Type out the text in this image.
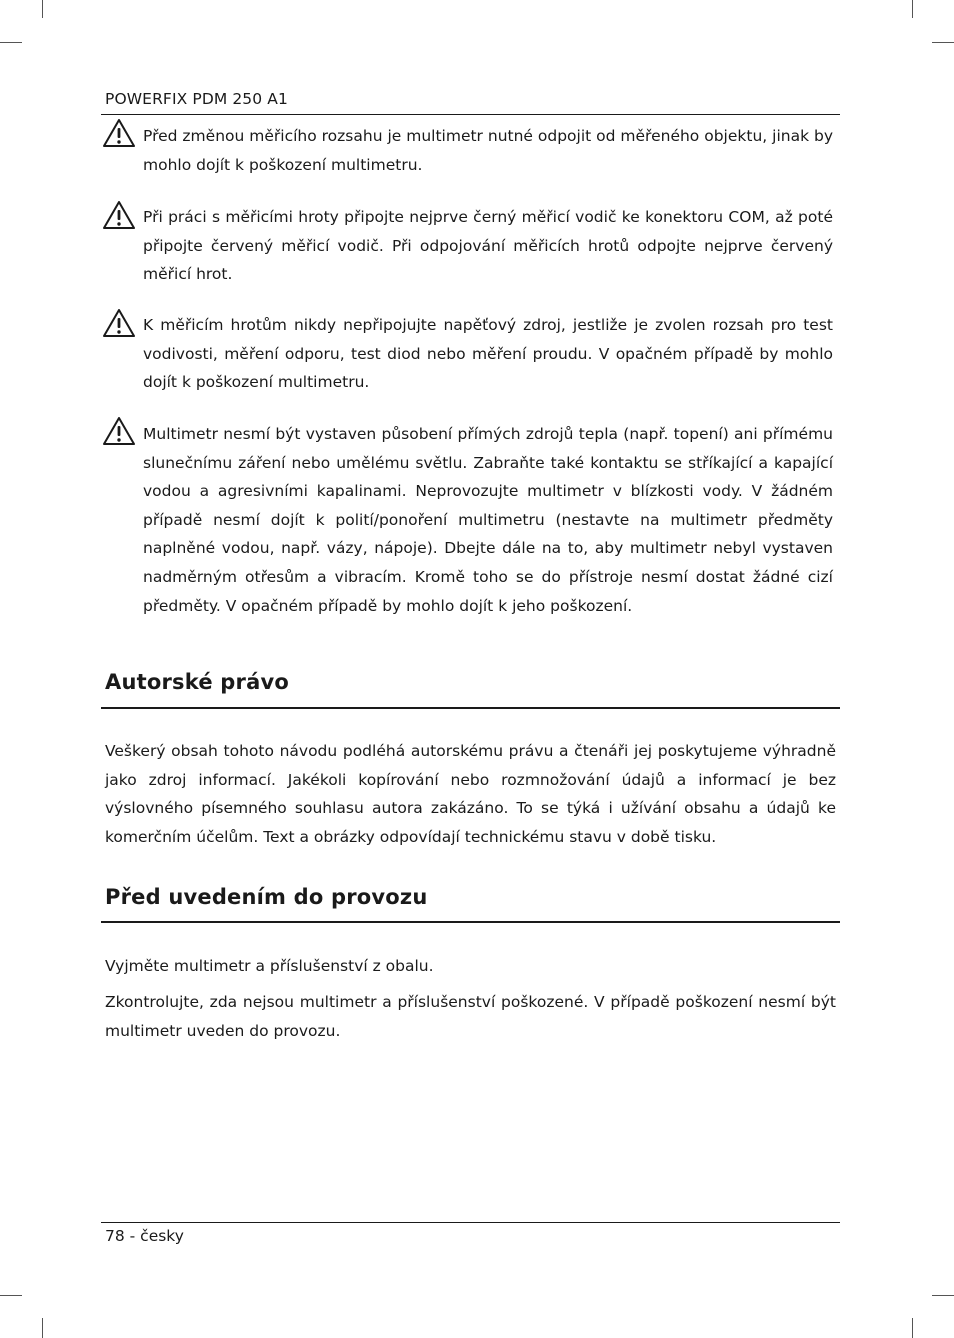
POWERFIX PDM 250 A1

Před změnou měřicího rozsahu je multimetr nutné odpojit od měřeného objektu, jinak by mohlo dojít k poškození multimetru.

Při práci s měřicími hroty připojte nejprve černý měřicí vodič ke konektoru COM, až poté připojte červený měřicí vodič. Při odpojování měřicích hrotů odpojte nejprve červený měřicí hrot.

K měřicím hrotům nikdy nepřipojujte napěťový zdroj, jestliže je zvolen rozsah pro test vodivosti, měření odporu, test diod nebo měření proudu. V opačném případě by mohlo dojít k poškození multimetru.

Multimetr nesmí být vystaven působení přímých zdrojů tepla (např. topení) ani přímému slunečnímu záření nebo umělému světlu. Zabraňte také kontaktu se stříkající a kapající vodou a agresivními kapalinami. Neprovozujte multimetr v blízkosti vody. V žádném případě nesmí dojít k polití/ponoření multimetru (nestavte na multimetr předměty naplněné vodou, např. vázy, nápoje). Dbejte dále na to, aby multimetr nebyl vystaven nadměrným otřesům a vibracím. Kromě toho se do přístroje nesmí dostat žádné cizí předměty. V opačném případě by mohlo dojít k jeho poškození.

Autorské právo

Veškerý obsah tohoto návodu podléhá autorskému právu a čtenáři jej poskytujeme výhradně jako zdroj informací. Jakékoli kopírování nebo rozmnožování údajů a informací je bez výslovného písemného souhlasu autora zakázáno. To se týká i užívání obsahu a údajů ke komerčním účelům. Text a obrázky odpovídají technickému stavu v době tisku.

Před uvedením do provozu

Vyjměte multimetr a příslušenství z obalu.

Zkontrolujte, zda nejsou multimetr a příslušenství poškozené. V případě poškození nesmí být multimetr uveden do provozu.

78 - česky
